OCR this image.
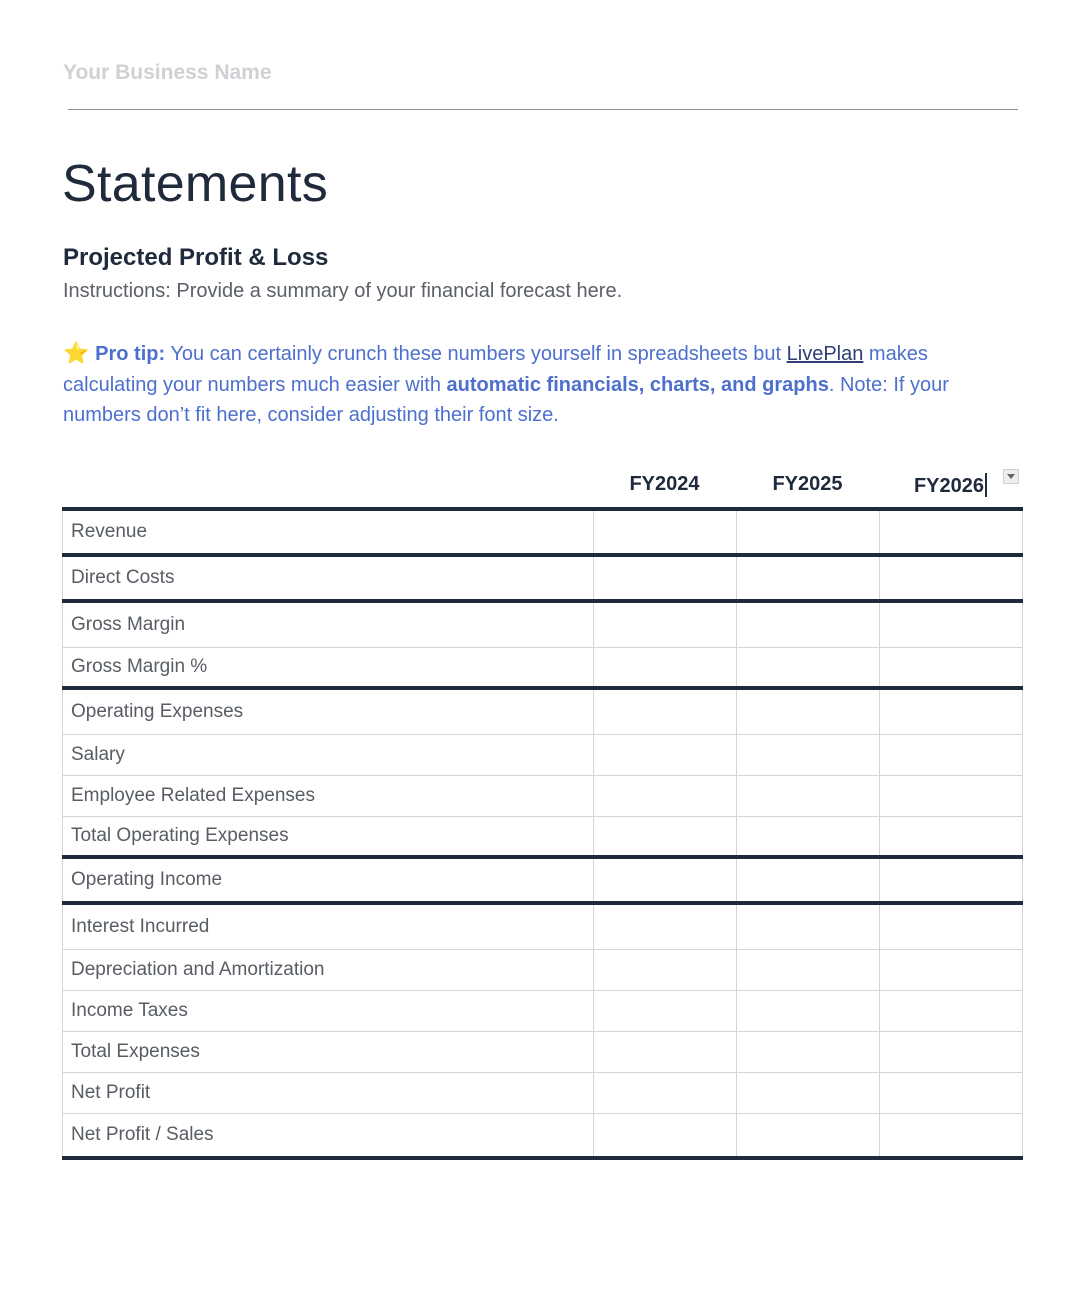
Your Business Name
Statements
Projected Profit & Loss
Instructions: Provide a summary of your financial forecast here.
⭐ Pro tip: You can certainly crunch these numbers yourself in spreadsheets but LivePlan makes calculating your numbers much easier with automatic financials, charts, and graphs. Note: If your numbers don’t fit here, consider adjusting their font size.
FY2024	FY2025	FY2026
Revenue			
Direct Costs			
Gross Margin			
Gross Margin %			
Operating Expenses			
Salary			
Employee Related Expenses			
Total Operating Expenses			
Operating Income			
Interest Incurred			
Depreciation and Amortization			
Income Taxes			
Total Expenses			
Net Profit			
Net Profit / Sales			
